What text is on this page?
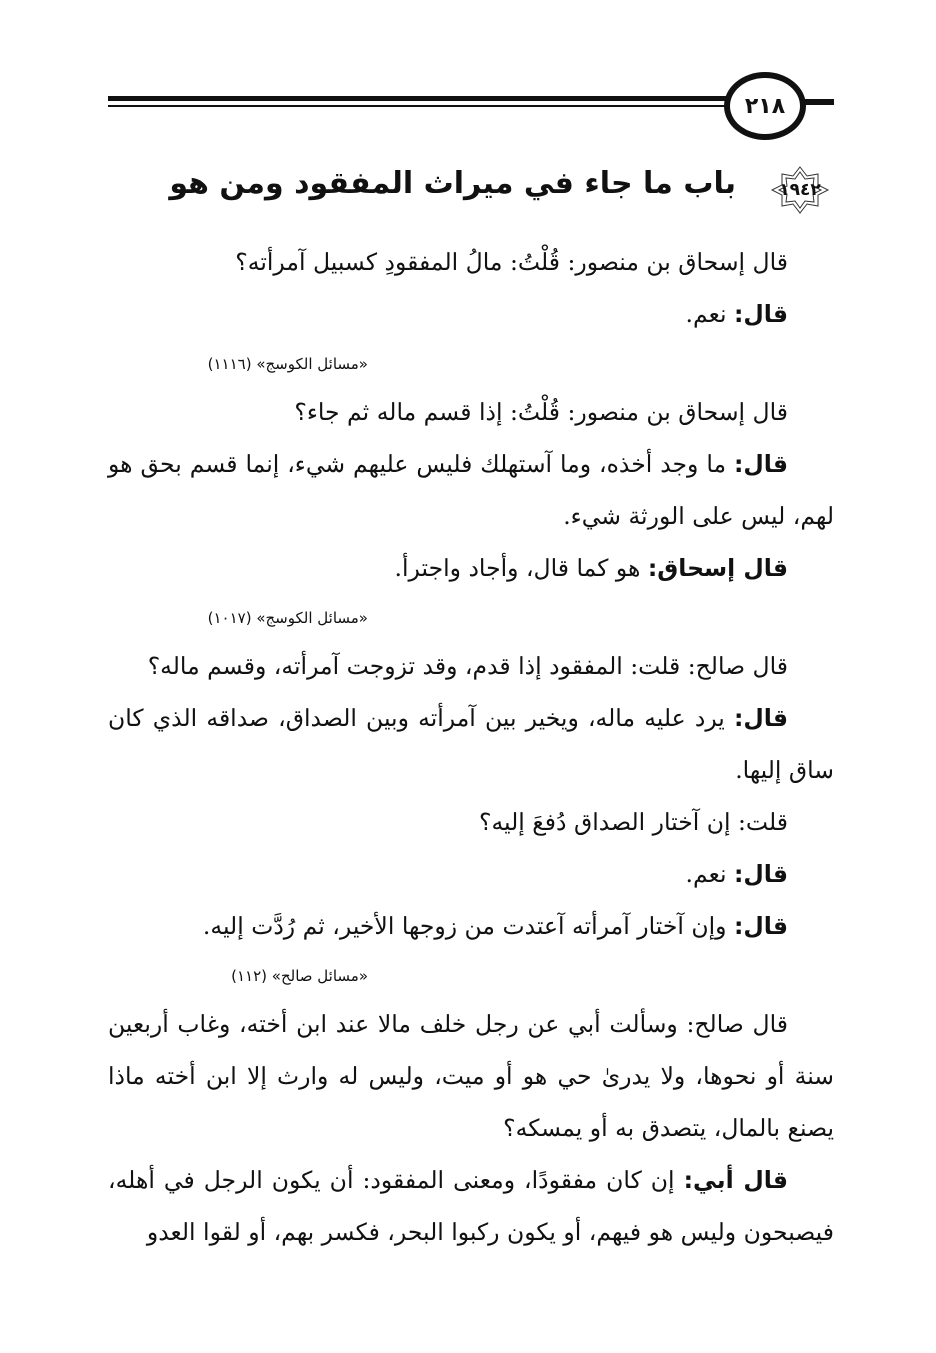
٢١٨
١٩٤٢
باب ما جاء في ميراث المفقود ومن هو

قال إسحاق بن منصور: قُلْتُ: مالُ المفقودِ كسبيل آمرأته؟

قال: نعم.

«مسائل الكوسج» (١١١٦)

قال إسحاق بن منصور: قُلْتُ: إذا قسم ماله ثم جاء؟

قال: ما وجد أخذه، وما آستهلك فليس عليهم شيء، إنما قسم بحق هو لهم، ليس على الورثة شيء.

قال إسحاق: هو كما قال، وأجاد واجترأ.

«مسائل الكوسج» (١٠١٧)

قال صالح: قلت: المفقود إذا قدم، وقد تزوجت آمرأته، وقسم ماله؟

قال: يرد عليه ماله، ويخير بين آمرأته وبين الصداق، صداقه الذي كان ساق إليها.

قلت: إن آختار الصداق دُفعَ إليه؟

قال: نعم.

قال: وإن آختار آمرأته آعتدت من زوجها الأخير، ثم رُدَّت إليه.

«مسائل صالح» (١١٢)

قال صالح: وسألت أبي عن رجل خلف مالا عند ابن أخته، وغاب أربعين سنة أو نحوها، ولا يدرىٰ حي هو أو ميت، وليس له وارث إلا ابن أخته ماذا يصنع بالمال، يتصدق به أو يمسكه؟

قال أبي: إن كان مفقودًا، ومعنى المفقود: أن يكون الرجل في أهله، فيصبحون وليس هو فيهم، أو يكون ركبوا البحر، فكسر بهم، أو لقوا العدو
